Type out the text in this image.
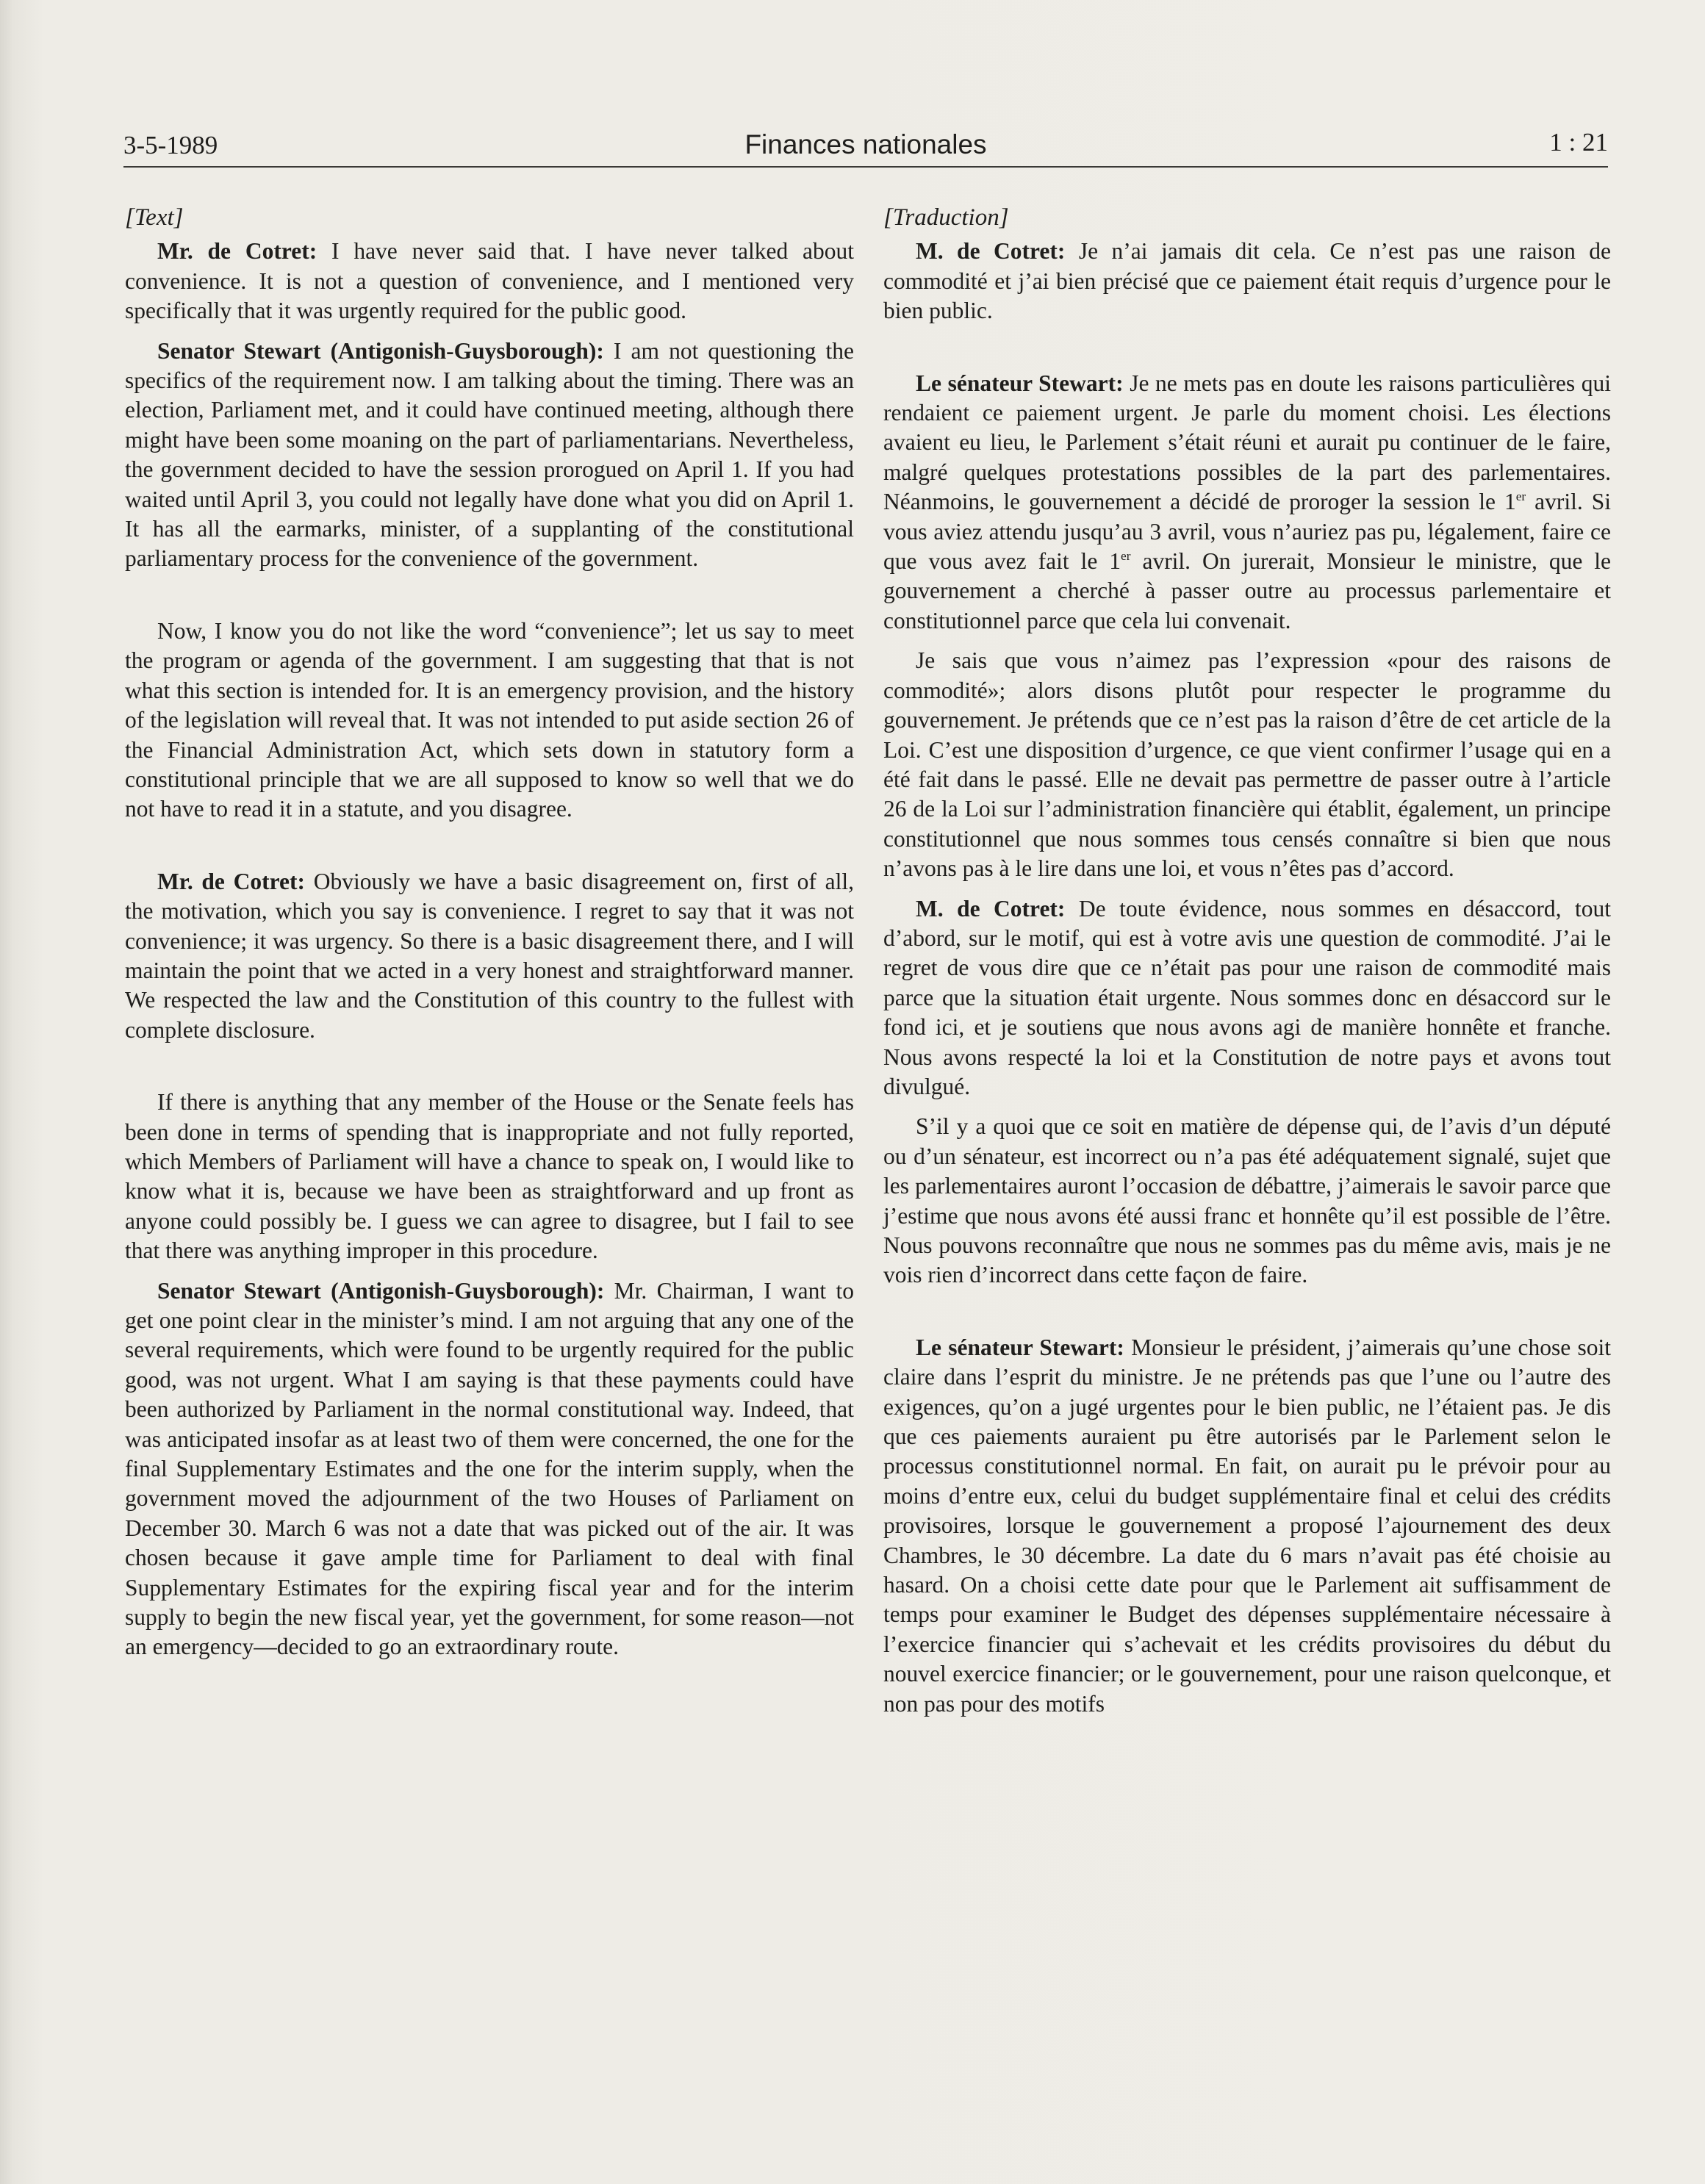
3-5-1989	Finances nationales	1 : 21
[Text]

Mr. de Cotret: I have never said that. I have never talked about convenience. It is not a question of convenience, and I mentioned very specifically that it was urgently required for the public good.

Senator Stewart (Antigonish-Guysborough): I am not questioning the specifics of the requirement now. I am talking about the timing. There was an election, Parliament met, and it could have continued meeting, although there might have been some moaning on the part of parliamentarians. Nevertheless, the government decided to have the session prorogued on April 1. If you had waited until April 3, you could not legally have done what you did on April 1. It has all the earmarks, minister, of a supplanting of the constitutional parliamentary process for the convenience of the government.

Now, I know you do not like the word “convenience”; let us say to meet the program or agenda of the government. I am suggesting that that is not what this section is intended for. It is an emergency provision, and the history of the legislation will reveal that. It was not intended to put aside section 26 of the Financial Administration Act, which sets down in statutory form a constitutional principle that we are all supposed to know so well that we do not have to read it in a statute, and you disagree.

Mr. de Cotret: Obviously we have a basic disagreement on, first of all, the motivation, which you say is convenience. I regret to say that it was not convenience; it was urgency. So there is a basic disagreement there, and I will maintain the point that we acted in a very honest and straightforward manner. We respected the law and the Constitution of this country to the fullest with complete disclosure.

If there is anything that any member of the House or the Senate feels has been done in terms of spending that is inappropriate and not fully reported, which Members of Parliament will have a chance to speak on, I would like to know what it is, because we have been as straightforward and up front as anyone could possibly be. I guess we can agree to disagree, but I fail to see that there was anything improper in this procedure.

Senator Stewart (Antigonish-Guysborough): Mr. Chairman, I want to get one point clear in the minister’s mind. I am not arguing that any one of the several requirements, which were found to be urgently required for the public good, was not urgent. What I am saying is that these payments could have been authorized by Parliament in the normal constitutional way. Indeed, that was anticipated insofar as at least two of them were concerned, the one for the final Supplementary Estimates and the one for the interim supply, when the government moved the adjournment of the two Houses of Parliament on December 30. March 6 was not a date that was picked out of the air. It was chosen because it gave ample time for Parliament to deal with final Supplementary Estimates for the expiring fiscal year and for the interim supply to begin the new fiscal year, yet the government, for some reason—not an emergency—decided to go an extraordinary route.

[Traduction]

M. de Cotret: Je n’ai jamais dit cela. Ce n’est pas une raison de commodité et j’ai bien précisé que ce paiement était requis d’urgence pour le bien public.

Le sénateur Stewart: Je ne mets pas en doute les raisons particulières qui rendaient ce paiement urgent. Je parle du moment choisi. Les élections avaient eu lieu, le Parlement s’était réuni et aurait pu continuer de le faire, malgré quelques protestations possibles de la part des parlementaires. Néanmoins, le gouvernement a décidé de proroger la session le 1er avril. Si vous aviez attendu jusqu’au 3 avril, vous n’auriez pas pu, légalement, faire ce que vous avez fait le 1er avril. On jurerait, Monsieur le ministre, que le gouvernement a cherché à passer outre au processus parlementaire et constitutionnel parce que cela lui convenait.

Je sais que vous n’aimez pas l’expression «pour des raisons de commodité»; alors disons plutôt pour respecter le programme du gouvernement. Je prétends que ce n’est pas la raison d’être de cet article de la Loi. C’est une disposition d’urgence, ce que vient confirmer l’usage qui en a été fait dans le passé. Elle ne devait pas permettre de passer outre à l’article 26 de la Loi sur l’administration financière qui établit, également, un principe constitutionnel que nous sommes tous censés connaître si bien que nous n’avons pas à le lire dans une loi, et vous n’êtes pas d’accord.

M. de Cotret: De toute évidence, nous sommes en désaccord, tout d’abord, sur le motif, qui est à votre avis une question de commodité. J’ai le regret de vous dire que ce n’était pas pour une raison de commodité mais parce que la situation était urgente. Nous sommes donc en désaccord sur le fond ici, et je soutiens que nous avons agi de manière honnête et franche. Nous avons respecté la loi et la Constitution de notre pays et avons tout divulgué.

S’il y a quoi que ce soit en matière de dépense qui, de l’avis d’un député ou d’un sénateur, est incorrect ou n’a pas été adéquatement signalé, sujet que les parlementaires auront l’occasion de débattre, j’aimerais le savoir parce que j’estime que nous avons été aussi franc et honnête qu’il est possible de l’être. Nous pouvons reconnaître que nous ne sommes pas du même avis, mais je ne vois rien d’incorrect dans cette façon de faire.

Le sénateur Stewart: Monsieur le président, j’aimerais qu’une chose soit claire dans l’esprit du ministre. Je ne prétends pas que l’une ou l’autre des exigences, qu’on a jugé urgentes pour le bien public, ne l’étaient pas. Je dis que ces paiements auraient pu être autorisés par le Parlement selon le processus constitutionnel normal. En fait, on aurait pu le prévoir pour au moins d’entre eux, celui du budget supplémentaire final et celui des crédits provisoires, lorsque le gouvernement a proposé l’ajournement des deux Chambres, le 30 décembre. La date du 6 mars n’avait pas été choisie au hasard. On a choisi cette date pour que le Parlement ait suffisamment de temps pour examiner le Budget des dépenses supplémentaire nécessaire à l’exercice financier qui s’achevait et les crédits provisoires du début du nouvel exercice financier; or le gouvernement, pour une raison quelconque, et non pas pour des motifs
